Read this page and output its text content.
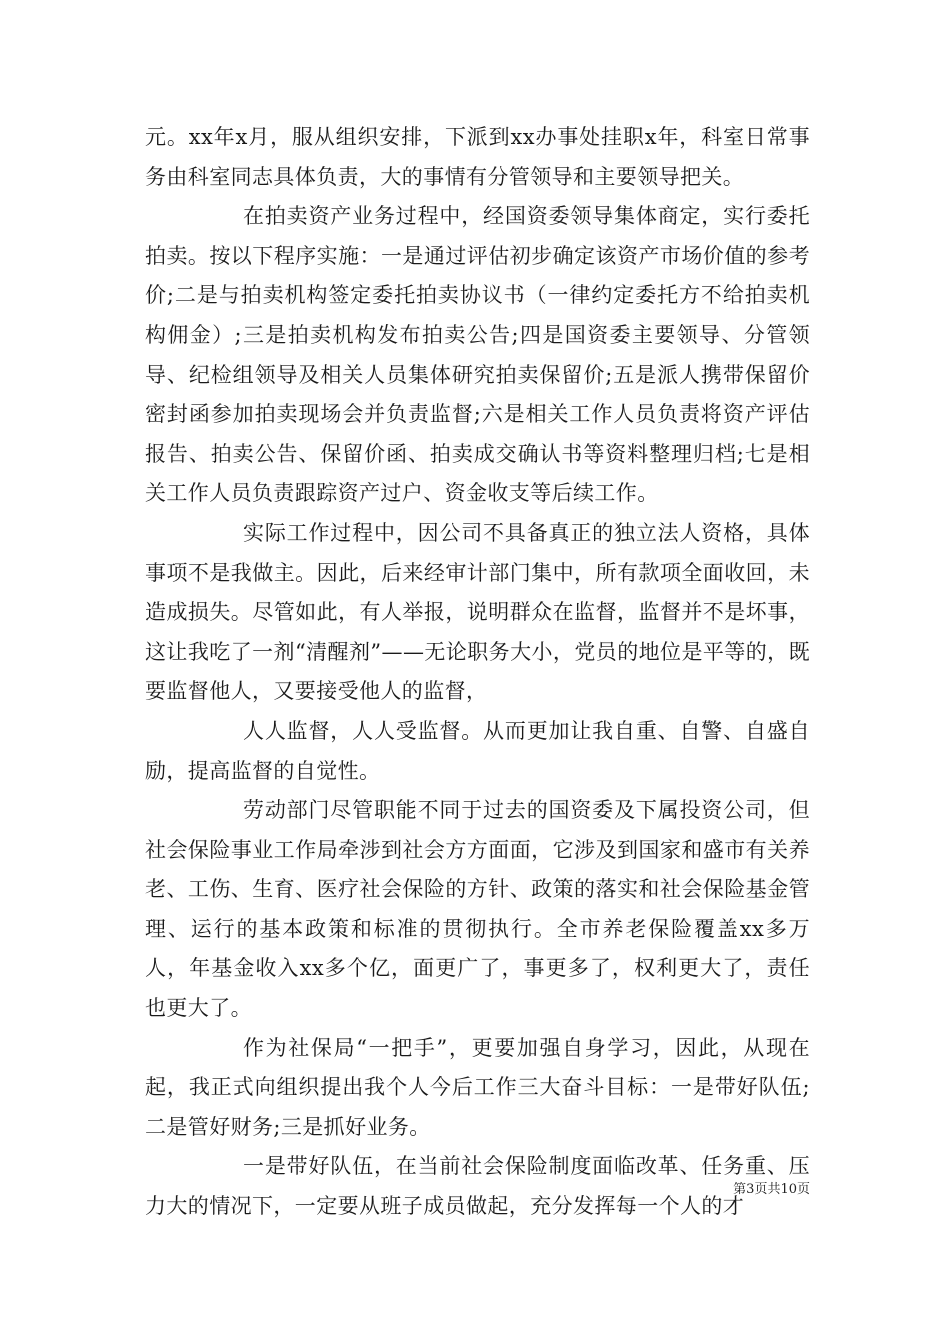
元。xx年x月，服从组织安排，下派到xx办事处挂职x年，科室日常事务由科室同志具体负责，大的事情有分管领导和主要领导把关。

在拍卖资产业务过程中，经国资委领导集体商定，实行委托拍卖。按以下程序实施：一是通过评估初步确定该资产市场价值的参考价;二是与拍卖机构签定委托拍卖协议书（一律约定委托方不给拍卖机构佣金）;三是拍卖机构发布拍卖公告;四是国资委主要领导、分管领导、纪检组领导及相关人员集体研究拍卖保留价;五是派人携带保留价密封函参加拍卖现场会并负责监督;六是相关工作人员负责将资产评估报告、拍卖公告、保留价函、拍卖成交确认书等资料整理归档;七是相关工作人员负责跟踪资产过户、资金收支等后续工作。

实际工作过程中，因公司不具备真正的独立法人资格，具体事项不是我做主。因此，后来经审计部门集中，所有款项全面收回，未造成损失。尽管如此，有人举报，说明群众在监督，监督并不是坏事，这让我吃了一剂“清醒剂”——无论职务大小，党员的地位是平等的，既要监督他人，又要接受他人的监督，

人人监督，人人受监督。从而更加让我自重、自警、自盛自励，提高监督的自觉性。

劳动部门尽管职能不同于过去的国资委及下属投资公司，但社会保险事业工作局牵涉到社会方方面面，它涉及到国家和盛市有关养老、工伤、生育、医疗社会保险的方针、政策的落实和社会保险基金管理、运行的基本政策和标准的贯彻执行。全市养老保险覆盖xx多万人，年基金收入xx多个亿，面更广了，事更多了，权利更大了，责任也更大了。

作为社保局“一把手”，更要加强自身学习，因此，从现在起，我正式向组织提出我个人今后工作三大奋斗目标：一是带好队伍;二是管好财务;三是抓好业务。

一是带好队伍，在当前社会保险制度面临改革、任务重、压力大的情况下，一定要从班子成员做起，充分发挥每一个人的才

第3页共10页
